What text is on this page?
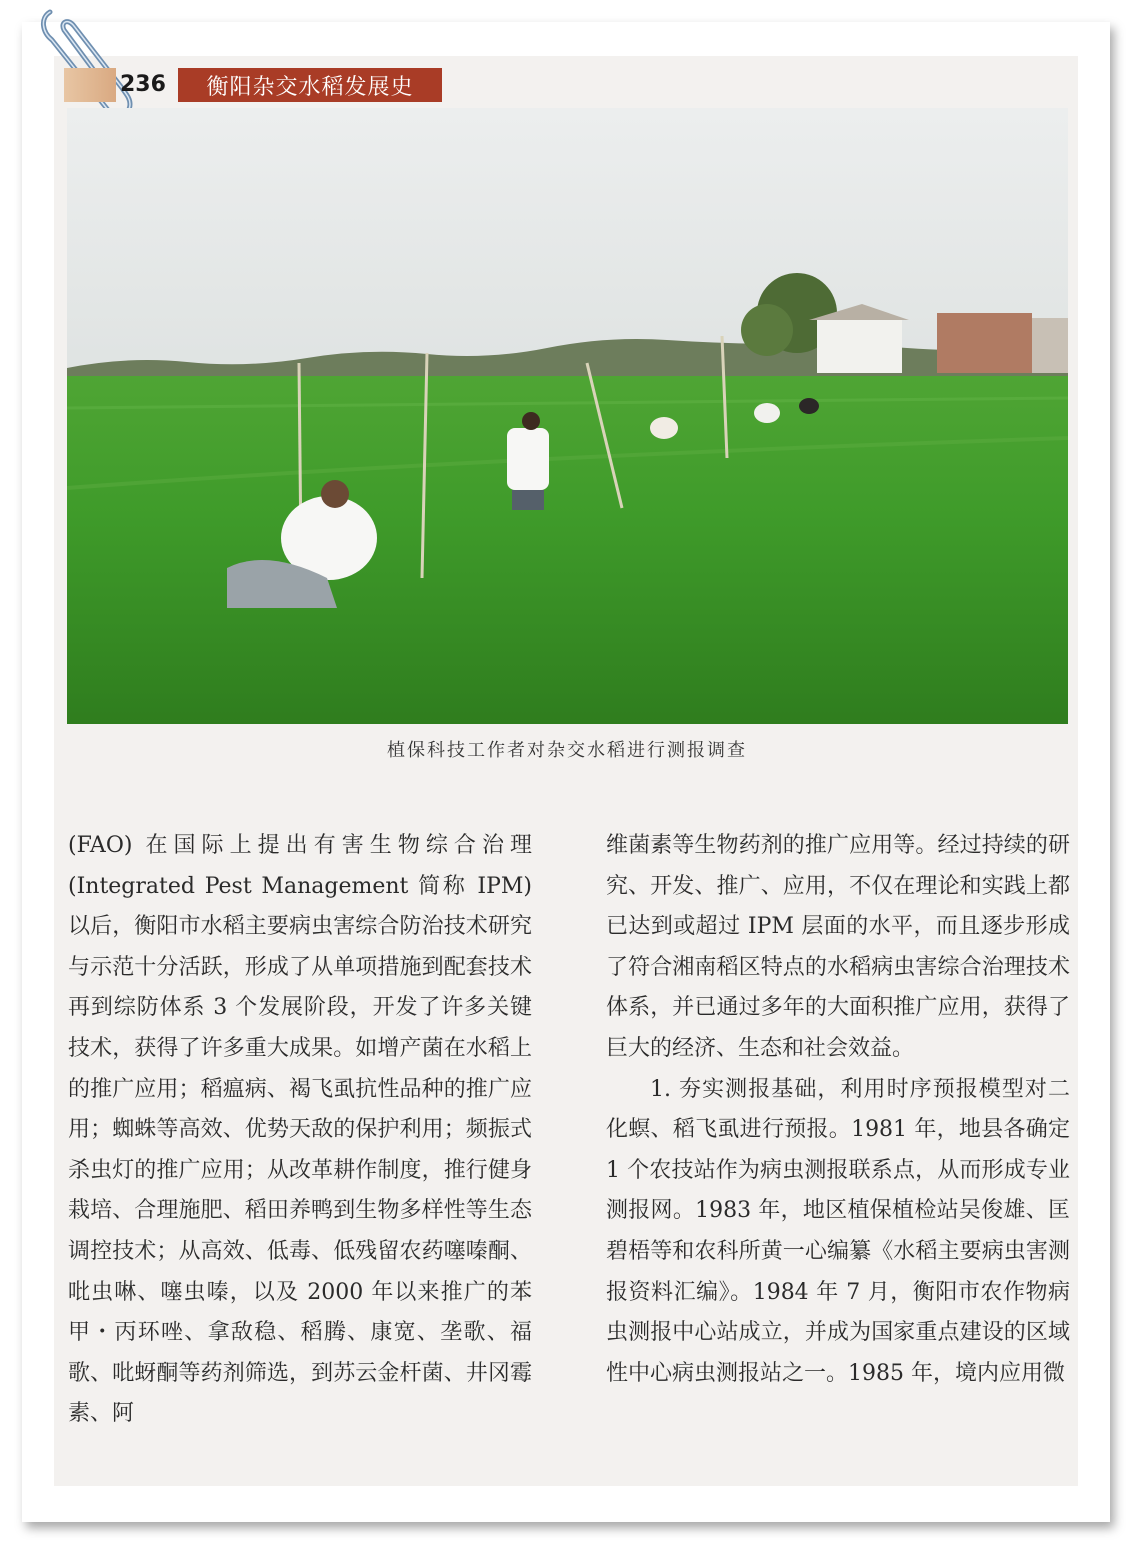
236	衡阳杂交水稻发展史
植保科技工作者对杂交水稻进行测报调查

(FAO) 在国际上提出有害生物综合治理 (Integrated Pest Management 简称 IPM) 以后，衡阳市水稻主要病虫害综合防治技术研究与示范十分活跃，形成了从单项措施到配套技术再到综防体系 3 个发展阶段，开发了许多关键技术，获得了许多重大成果。如增产菌在水稻上的推广应用；稻瘟病、褐飞虱抗性品种的推广应用；蜘蛛等高效、优势天敌的保护利用；频振式杀虫灯的推广应用；从改革耕作制度，推行健身栽培、合理施肥、稻田养鸭到生物多样性等生态调控技术；从高效、低毒、低残留农药噻嗪酮、吡虫啉、噻虫嗪，以及 2000 年以来推广的苯甲・丙环唑、拿敌稳、稻腾、康宽、垄歌、福歌、吡蚜酮等药剂筛选，到苏云金杆菌、井冈霉素、阿

维菌素等生物药剂的推广应用等。经过持续的研究、开发、推广、应用，不仅在理论和实践上都已达到或超过 IPM 层面的水平，而且逐步形成了符合湘南稻区特点的水稻病虫害综合治理技术体系，并已通过多年的大面积推广应用，获得了巨大的经济、生态和社会效益。

1. 夯实测报基础，利用时序预报模型对二化螟、稻飞虱进行预报。1981 年，地县各确定 1 个农技站作为病虫测报联系点，从而形成专业测报网。1983 年，地区植保植检站吴俊雄、匡碧梧等和农科所黄一心编纂《水稻主要病虫害测报资料汇编》。1984 年 7 月，衡阳市农作物病虫测报中心站成立，并成为国家重点建设的区域性中心病虫测报站之一。1985 年，境内应用微
